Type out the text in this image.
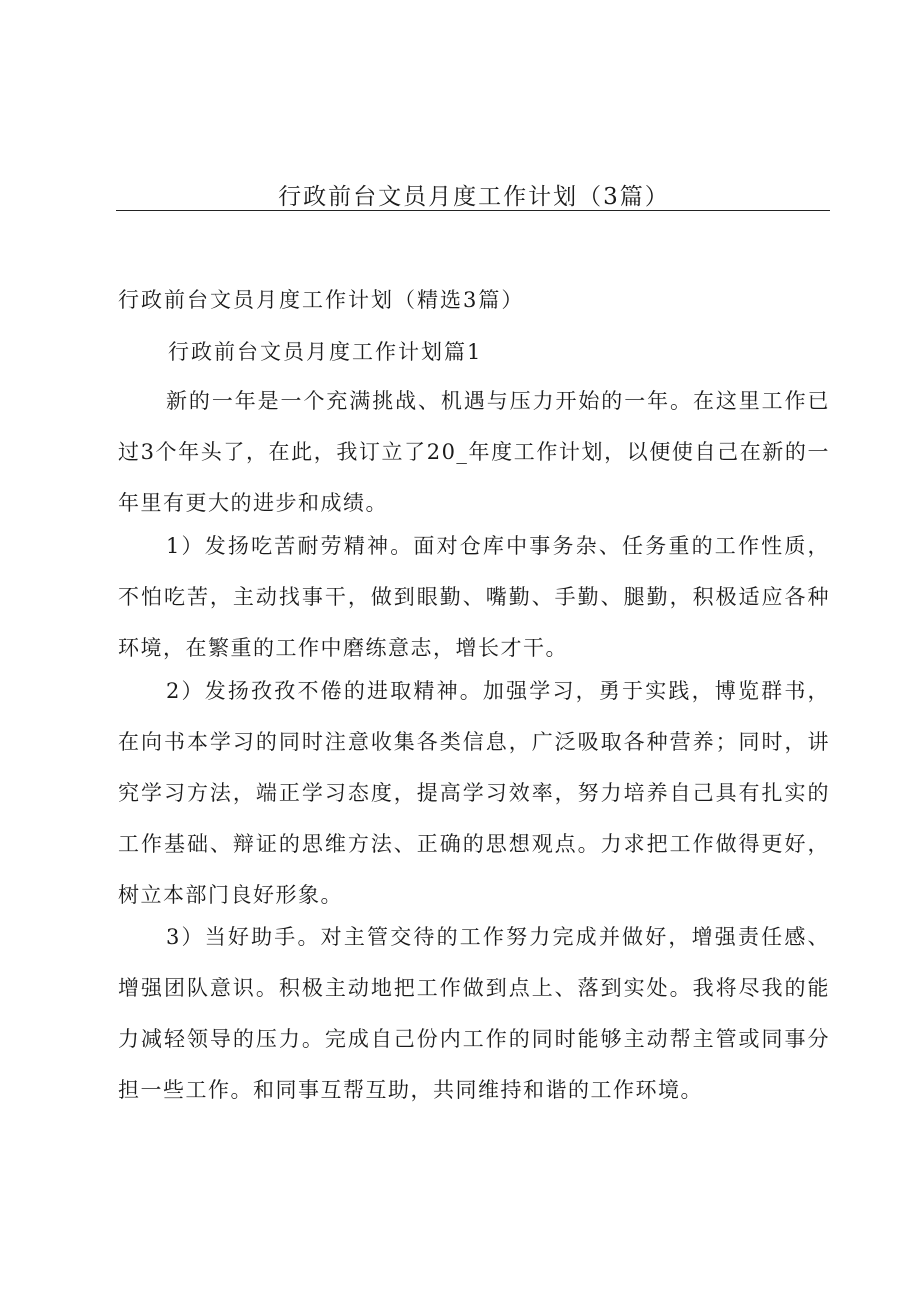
行政前台文员月度工作计划（3篇）
行政前台文员月度工作计划（精选3篇）
行政前台文员月度工作计划篇1

新的一年是一个充满挑战、机遇与压力开始的一年。在这里工作已过3个年头了，在此，我订立了20_年度工作计划，以便使自己在新的一年里有更大的进步和成绩。

1）发扬吃苦耐劳精神。面对仓库中事务杂、任务重的工作性质，不怕吃苦，主动找事干，做到眼勤、嘴勤、手勤、腿勤，积极适应各种环境，在繁重的工作中磨练意志，增长才干。

2）发扬孜孜不倦的进取精神。加强学习，勇于实践，博览群书，在向书本学习的同时注意收集各类信息，广泛吸取各种营养；同时，讲究学习方法，端正学习态度，提高学习效率，努力培养自己具有扎实的工作基础、辩证的思维方法、正确的思想观点。力求把工作做得更好，树立本部门良好形象。

3）当好助手。对主管交待的工作努力完成并做好，增强责任感、增强团队意识。积极主动地把工作做到点上、落到实处。我将尽我的能力减轻领导的压力。完成自己份内工作的同时能够主动帮主管或同事分担一些工作。和同事互帮互助，共同维持和谐的工作环境。
